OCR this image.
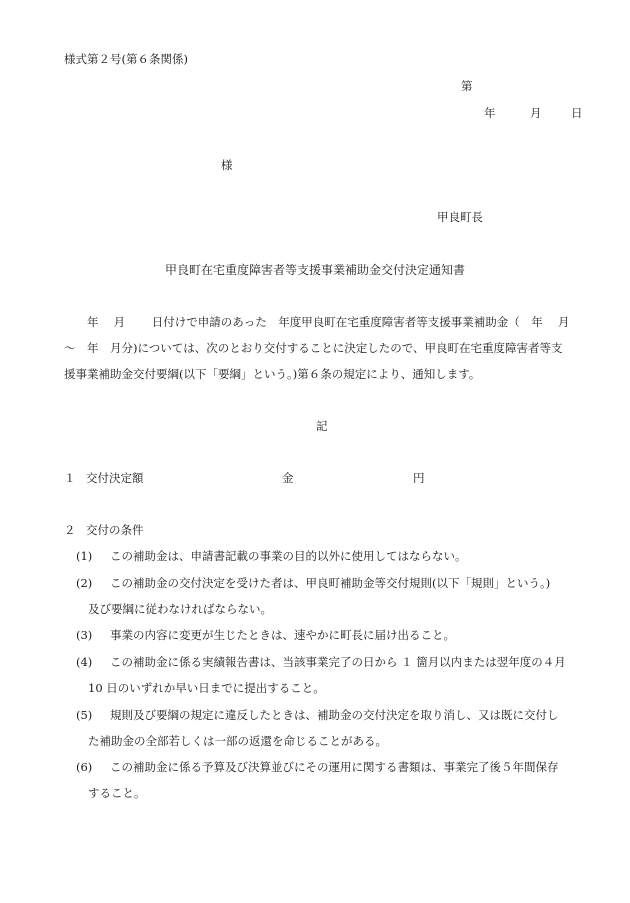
様式第２号(第６条関係)
第
年	月	日
様
甲良町長
甲良町在宅重度障害者等支援事業補助金交付決定通知書
　　年　 月　　 日付けで申請のあった　年度甲良町在宅重度障害者等支援事業補助金（　年　 月
～　年　月分)については、次のとおり交付することに決定したので、甲良町在宅重度障害者等支
援事業補助金交付要綱(以下「要綱」という。)第６条の規定により、通知します。
記
１ 交付決定額	金	円
２ 交付の条件
(1) この補助金は、申請書記載の事業の目的以外に使用してはならない。
(2) この補助金の交付決定を受けた者は、甲良町補助金等交付規則(以下「規則」という。)
及び要綱に従わなければならない。
(3) 事業の内容に変更が生じたときは、速やかに町長に届け出ること。
(4) この補助金に係る実績報告書は、当該事業完了の日から １ 箇月以内または翌年度の４月
10 日のいずれか早い日までに提出すること。
(5) 規則及び要綱の規定に違反したときは、補助金の交付決定を取り消し、又は既に交付し
た補助金の全部若しくは一部の返還を命じることがある。
(6) この補助金に係る予算及び決算並びにその運用に関する書類は、事業完了後５年間保存
すること。
